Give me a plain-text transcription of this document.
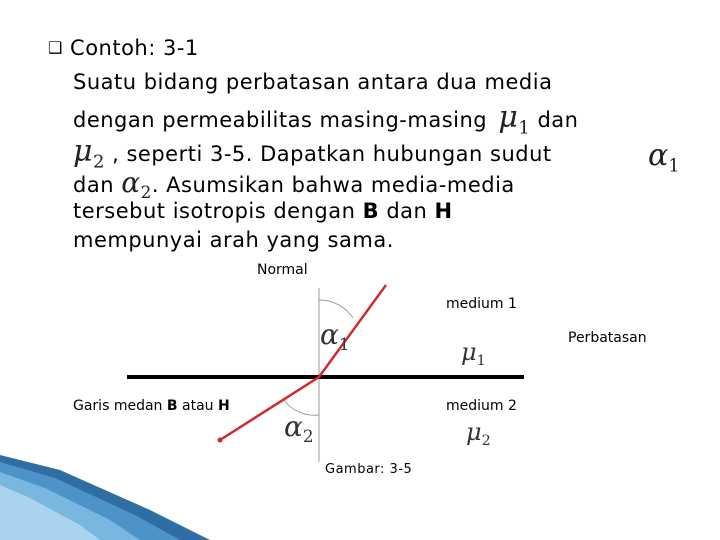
❑ Contoh: 3-1
Suatu bidang perbatasan antara dua media
dengan permeabilitas masing-masing $\mu_1$ dan
$\mu_2$ , seperti 3-5. Dapatkan hubungan sudut	$\alpha_1$
dan $\alpha_2$. Asumsikan bahwa media-media
tersebut isotropis dengan B dan H
mempunyai arah yang sama.
Normal
medium 1
Perbatasan
medium 2
$\alpha_1$	$\mu_1$
$\alpha_2$	$\mu_2$
Garis medan B atau H
Gambar: 3-5
